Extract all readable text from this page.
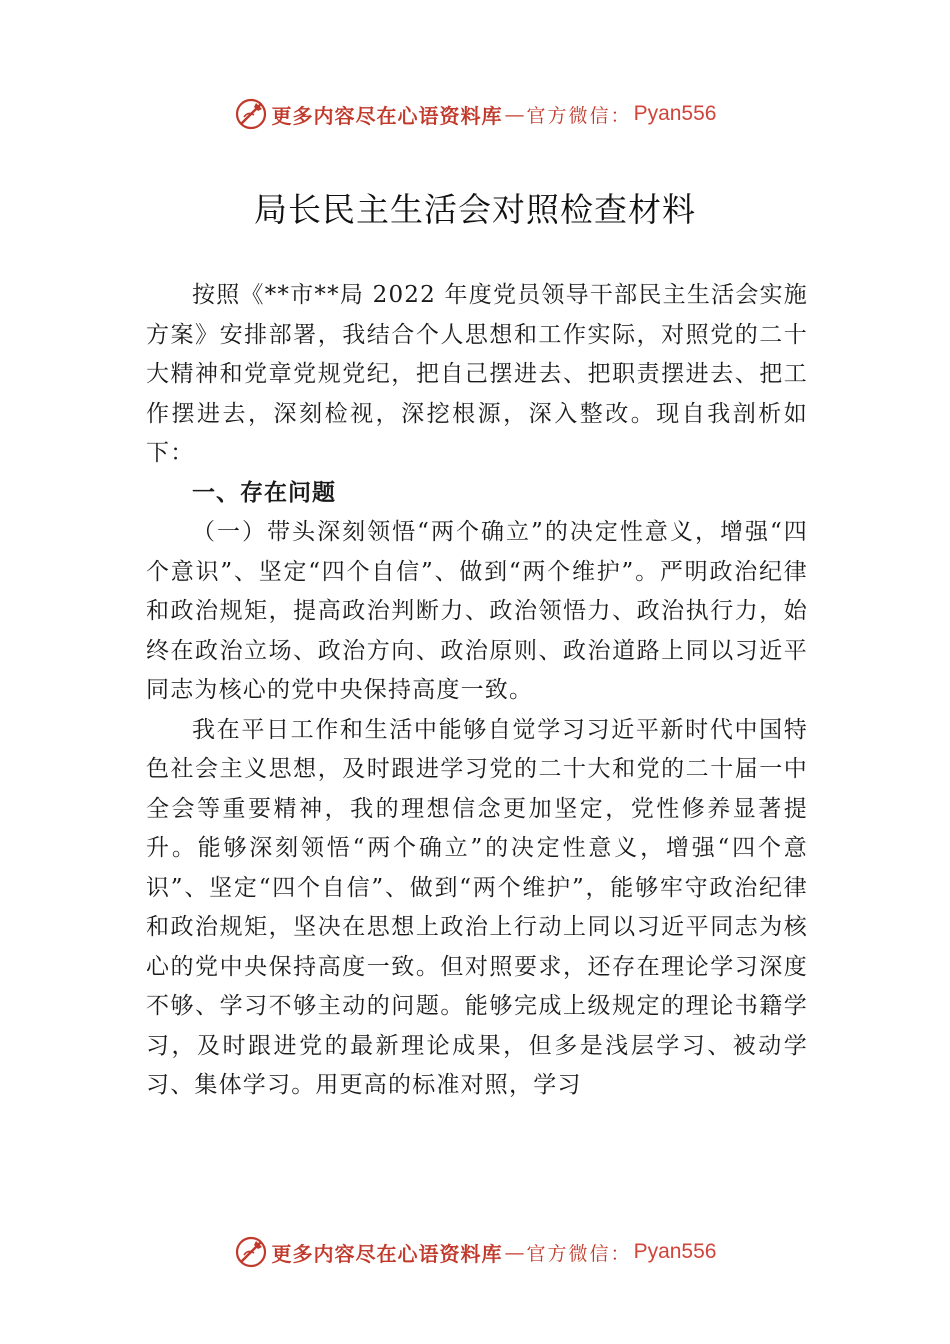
更多内容尽在心语资料库 — 官方微信 ： Pyan556
局长民主生活会对照检查材料

按照《**市**局 2022 年度党员领导干部民主生活会实施方案》安排部署，我结合个人思想和工作实际，对照党的二十大精神和党章党规党纪，把自己摆进去、把职责摆进去、把工作摆进去，深刻检视，深挖根源，深入整改。现自我剖析如下：

一、存在问题

（一）带头深刻领悟“两个确立”的决定性意义，增强“四个意识”、坚定“四个自信”、做到“两个维护”。严明政治纪律和政治规矩，提高政治判断力、政治领悟力、政治执行力，始终在政治立场、政治方向、政治原则、政治道路上同以习近平同志为核心的党中央保持高度一致。

我在平日工作和生活中能够自觉学习习近平新时代中国特色社会主义思想，及时跟进学习党的二十大和党的二十届一中全会等重要精神，我的理想信念更加坚定，党性修养显著提升。能够深刻领悟“两个确立”的决定性意义，增强“四个意识”、坚定“四个自信”、做到“两个维护”，能够牢守政治纪律和政治规矩，坚决在思想上政治上行动上同以习近平同志为核心的党中央保持高度一致。但对照要求，还存在理论学习深度不够、学习不够主动的问题。能够完成上级规定的理论书籍学习，及时跟进党的最新理论成果，但多是浅层学习、被动学习、集体学习。用更高的标准对照，学习

更多内容尽在心语资料库 — 官方微信 ： Pyan556
